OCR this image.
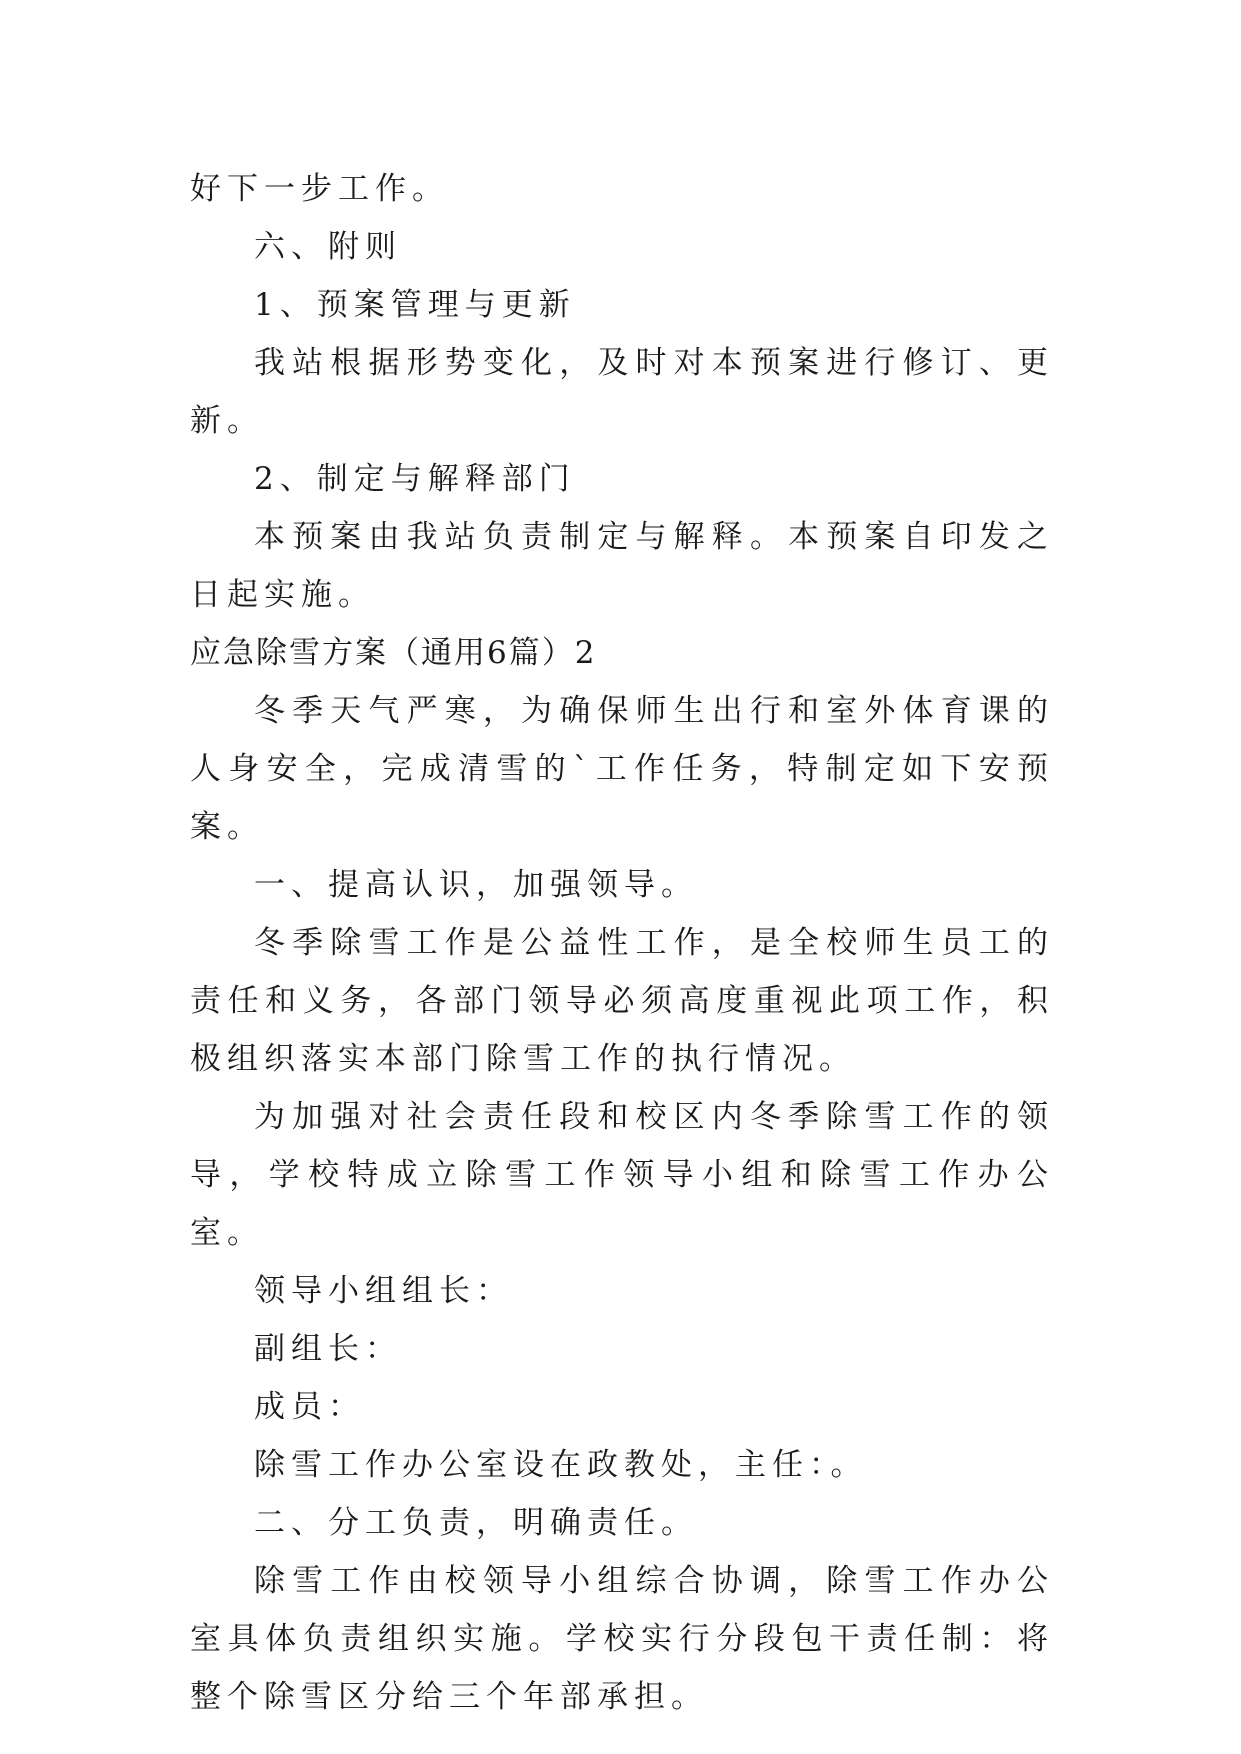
好下一步工作。

六、附则

1、预案管理与更新

我站根据形势变化，及时对本预案进行修订、更新。

2、制定与解释部门

本预案由我站负责制定与解释。本预案自印发之日起实施。

应急除雪方案（通用6篇）2

冬季天气严寒，为确保师生出行和室外体育课的人身安全，完成清雪的`工作任务，特制定如下安预案。

一、提高认识，加强领导。

冬季除雪工作是公益性工作，是全校师生员工的责任和义务，各部门领导必须高度重视此项工作，积极组织落实本部门除雪工作的执行情况。

为加强对社会责任段和校区内冬季除雪工作的领导，学校特成立除雪工作领导小组和除雪工作办公室。

领导小组组长：

副组长：

成员：

除雪工作办公室设在政教处，主任：。

二、分工负责，明确责任。

除雪工作由校领导小组综合协调，除雪工作办公室具体负责组织实施。学校实行分段包干责任制：将整个除雪区分给三个年部承担。
